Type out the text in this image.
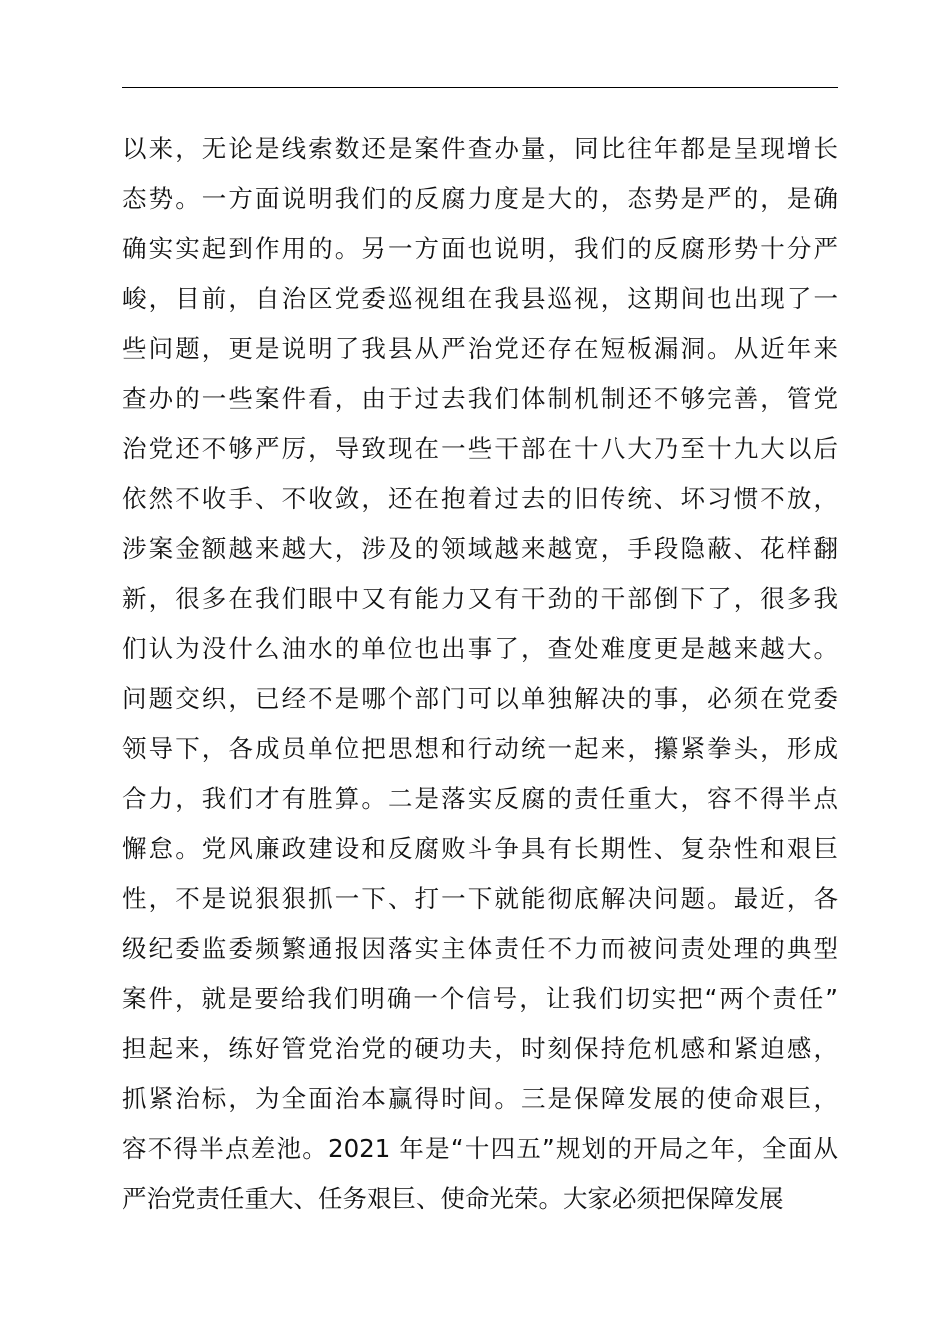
以来，无论是线索数还是案件查办量，同比往年都是呈现增长
态势。一方面说明我们的反腐力度是大的，态势是严的，是确
确实实起到作用的。另一方面也说明，我们的反腐形势十分严
峻，目前，自治区党委巡视组在我县巡视，这期间也出现了一
些问题，更是说明了我县从严治党还存在短板漏洞。从近年来
查办的一些案件看，由于过去我们体制机制还不够完善，管党
治党还不够严厉，导致现在一些干部在十八大乃至十九大以后
依然不收手、不收敛，还在抱着过去的旧传统、坏习惯不放，
涉案金额越来越大，涉及的领域越来越宽，手段隐蔽、花样翻
新，很多在我们眼中又有能力又有干劲的干部倒下了，很多我
们认为没什么油水的单位也出事了，查处难度更是越来越大。
问题交织，已经不是哪个部门可以单独解决的事，必须在党委
领导下，各成员单位把思想和行动统一起来，攥紧拳头，形成
合力，我们才有胜算。二是落实反腐的责任重大，容不得半点
懈怠。党风廉政建设和反腐败斗争具有长期性、复杂性和艰巨
性，不是说狠狠抓一下、打一下就能彻底解决问题。最近，各
级纪委监委频繁通报因落实主体责任不力而被问责处理的典型
案件，就是要给我们明确一个信号，让我们切实把“两个责任”
担起来，练好管党治党的硬功夫，时刻保持危机感和紧迫感，
抓紧治标，为全面治本赢得时间。三是保障发展的使命艰巨，
容不得半点差池。2021 年是“十四五”规划的开局之年，全面从
严治党责任重大、任务艰巨、使命光荣。大家必须把保障发展
